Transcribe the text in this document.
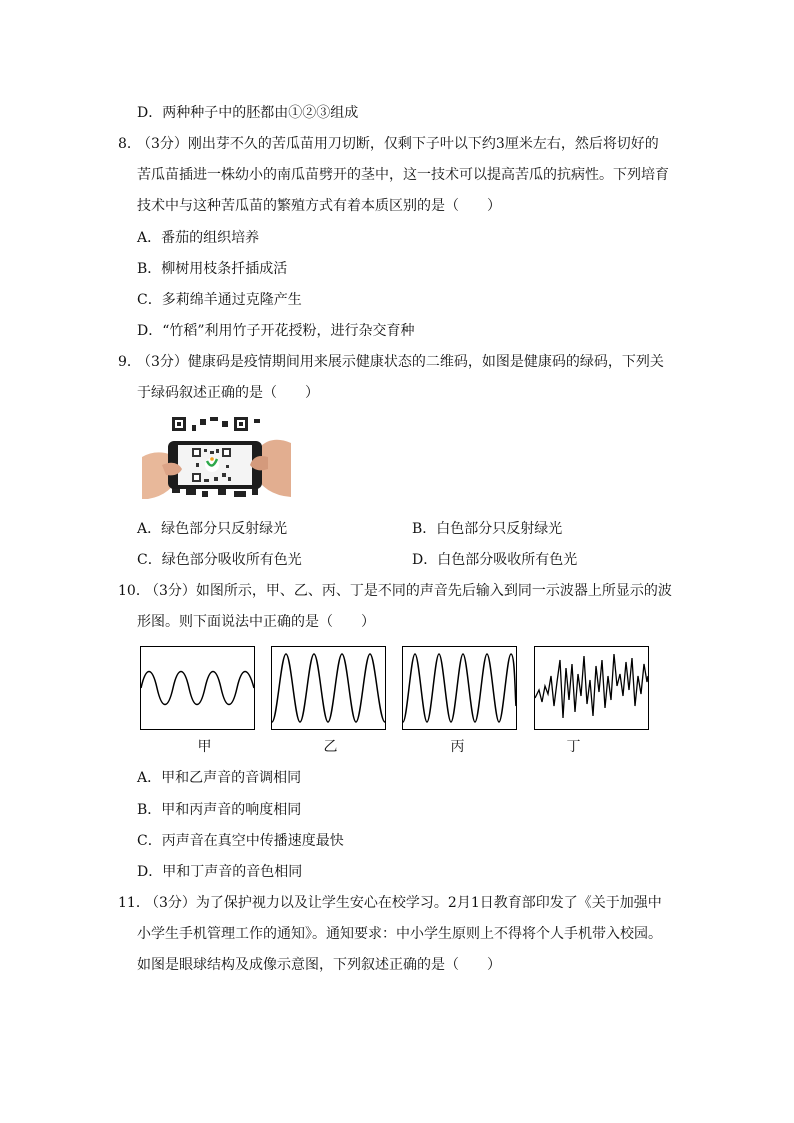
D．两种种子中的胚都由①②③组成
8．
（3分）刚出芽不久的苦瓜苗用刀切断，仅剩下子叶以下约3厘米左右，然后将切好的
苦瓜苗插进一株幼小的南瓜苗劈开的茎中，这一技术可以提高苦瓜的抗病性。下列培育
技术中与这种苦瓜苗的繁殖方式有着本质区别的是（　　）
A．番茄的组织培养
B．柳树用枝条扦插成活
C．多莉绵羊通过克隆产生
D．“竹稻”利用竹子开花授粉，进行杂交育种
9．
（3分）健康码是疫情期间用来展示健康状态的二维码，如图是健康码的绿码，下列关
于绿码叙述正确的是（　　）
A．绿色部分只反射绿光	B．白色部分只反射绿光
C．绿色部分吸收所有色光	D．白色部分吸收所有色光
10．
（3分）如图所示，甲、乙、丙、丁是不同的声音先后输入到同一示波器上所显示的波
形图。则下面说法中正确的是（　　）
甲	乙	丙	丁
A．甲和乙声音的音调相同
B．甲和丙声音的响度相同
C．丙声音在真空中传播速度最快
D．甲和丁声音的音色相同
11．
（3分）为了保护视力以及让学生安心在校学习。2月1日教育部印发了《关于加强中
小学生手机管理工作的通知》。通知要求：中小学生原则上不得将个人手机带入校园。
如图是眼球结构及成像示意图，下列叙述正确的是（　　）
